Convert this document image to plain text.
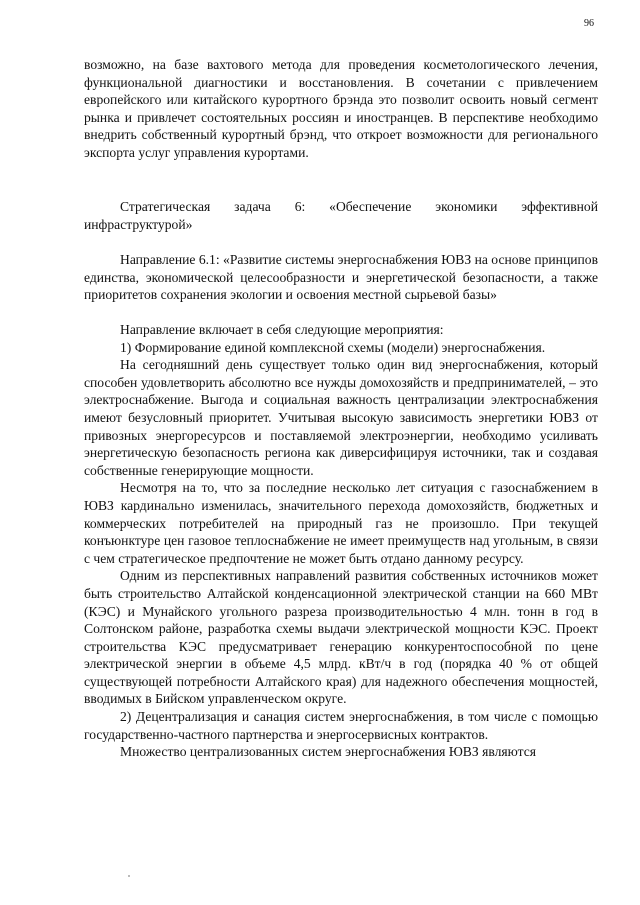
96

возможно, на базе вахтового метода для проведения косметологического лечения, функциональной диагностики и восстановления. В сочетании с привлечением европейского или китайского курортного брэнда это позволит освоить новый сегмент рынка и привлечет состоятельных россиян и иностранцев. В перспективе необходимо внедрить собственный курортный брэнд, что откроет возможности для регионального экспорта услуг управления курортами.

Стратегическая задача 6: «Обеспечение экономики эффективной инфраструктурой»

Направление 6.1: «Развитие системы энергоснабжения ЮВЗ на основе принципов единства, экономической целесообразности и энергетической безопасности, а также приоритетов сохранения экологии и освоения местной сырьевой базы»

Направление включает в себя следующие мероприятия:

1) Формирование единой комплексной схемы (модели) энергоснабжения.

На сегодняшний день существует только один вид энергоснабжения, который способен удовлетворить абсолютно все нужды домохозяйств и предпринимателей, – это электроснабжение. Выгода и социальная важность централизации электроснабжения имеют безусловный приоритет. Учитывая высокую зависимость энергетики ЮВЗ от привозных энергоресурсов и поставляемой электроэнергии, необходимо усиливать энергетическую безопасность региона как диверсифицируя источники, так и создавая собственные генерирующие мощности.

Несмотря на то, что за последние несколько лет ситуация с газоснабжением в ЮВЗ кардинально изменилась, значительного перехода домохозяйств, бюджетных и коммерческих потребителей на природный газ не произошло. При текущей конъюнктуре цен газовое теплоснабжение не имеет преимуществ над угольным, в связи с чем стратегическое предпочтение не может быть отдано данному ресурсу.

Одним из перспективных направлений развития собственных источников может быть строительство Алтайской конденсационной электрической станции на 660 МВт (КЭС) и Мунайского угольного разреза производительностью 4 млн. тонн в год в Солтонском районе, разработка схемы выдачи электрической мощности КЭС. Проект строительства КЭС предусматривает генерацию конкурентоспособной по цене электрической энергии в объеме 4,5 млрд. кВт/ч в год (порядка 40 % от общей существующей потребности Алтайского края) для надежного обеспечения мощностей, вводимых в Бийском управленческом округе.

2) Децентрализация и санация систем энергоснабжения, в том числе с помощью государственно-частного партнерства и энергосервисных контрактов.

Множество централизованных систем энергоснабжения ЮВЗ являются
